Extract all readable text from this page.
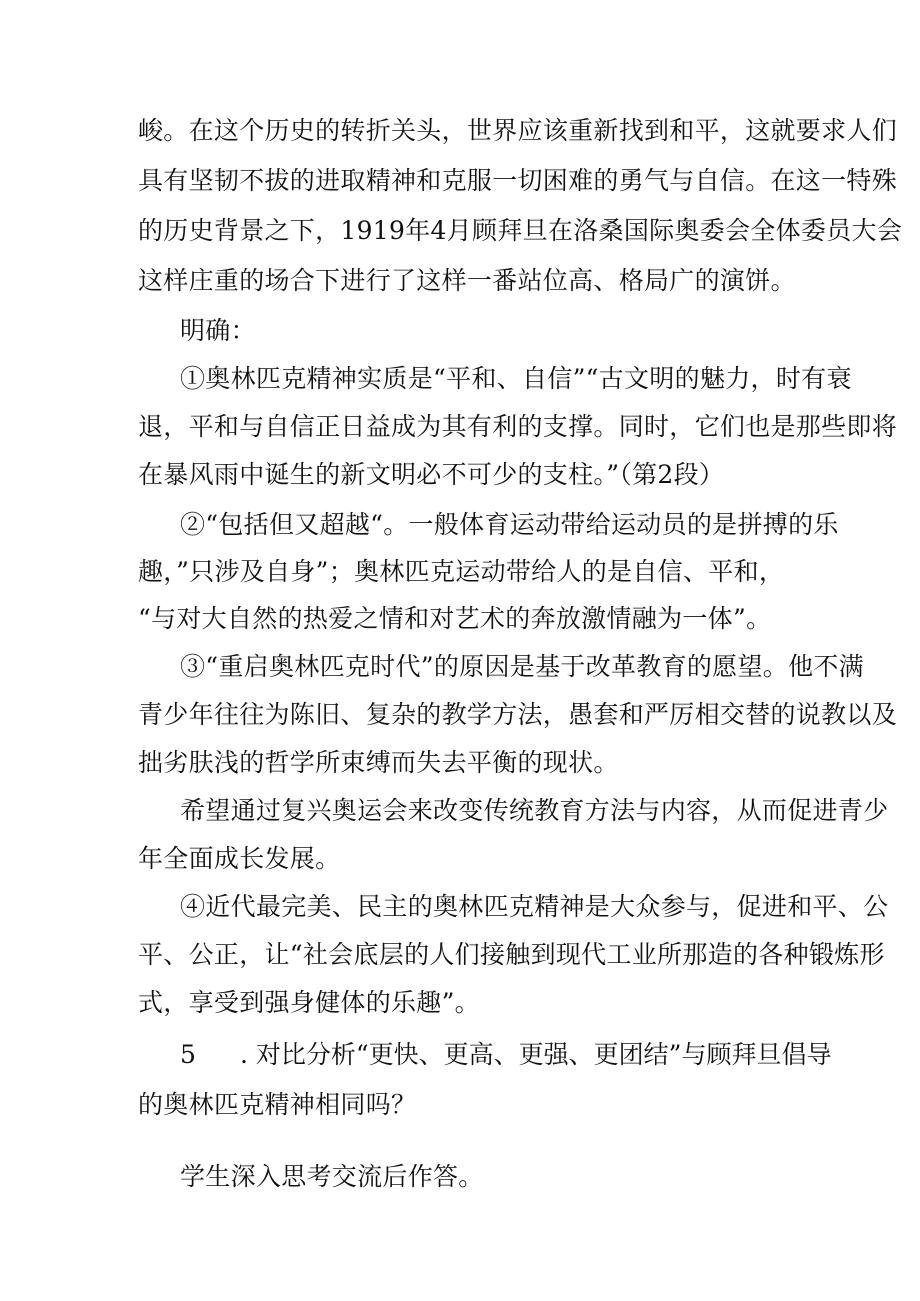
峻。在这个历史的转折关头，世界应该重新找到和平，这就要求人们
具有坚韧不拔的进取精神和克服一切困难的勇气与自信。在这一特殊
的历史背景之下，1919年4月顾拜旦在洛桑国际奥委会全体委员大会
这样庄重的场合下进行了这样一番站位高、格局广的演饼。
明确：
①奥林匹克精神实质是“平和、自信”“古文明的魅力，时有衰
退，平和与自信正日益成为其有利的支撑。同时，它们也是那些即将
在暴风雨中诞生的新文明必不可少的支柱。”（第2段）
②“包括但又超越“。一般体育运动带给运动员的是拼搏的乐
趣，”只涉及自身”；奥林匹克运动带给人的是自信、平和，
“与对大自然的热爱之情和对艺术的奔放激情融为一体”。
③“重启奥林匹克时代”的原因是基于改革教育的愿望。他不满
青少年往往为陈旧、复杂的教学方法，愚套和严厉相交替的说教以及
拙劣肤浅的哲学所束缚而失去平衡的现状。
希望通过复兴奥运会来改变传统教育方法与内容，从而促进青少
年全面成长发展。
④近代最完美、民主的奥林匹克精神是大众参与，促进和平、公
平、公正，让“社会底层的人们接触到现代工业所那造的各种锻炼形
式，享受到强身健体的乐趣”。
5 . 对比分析“更快、更高、更强、更团结”与顾拜旦倡导
的奥林匹克精神相同吗？
学生深入思考交流后作答。
